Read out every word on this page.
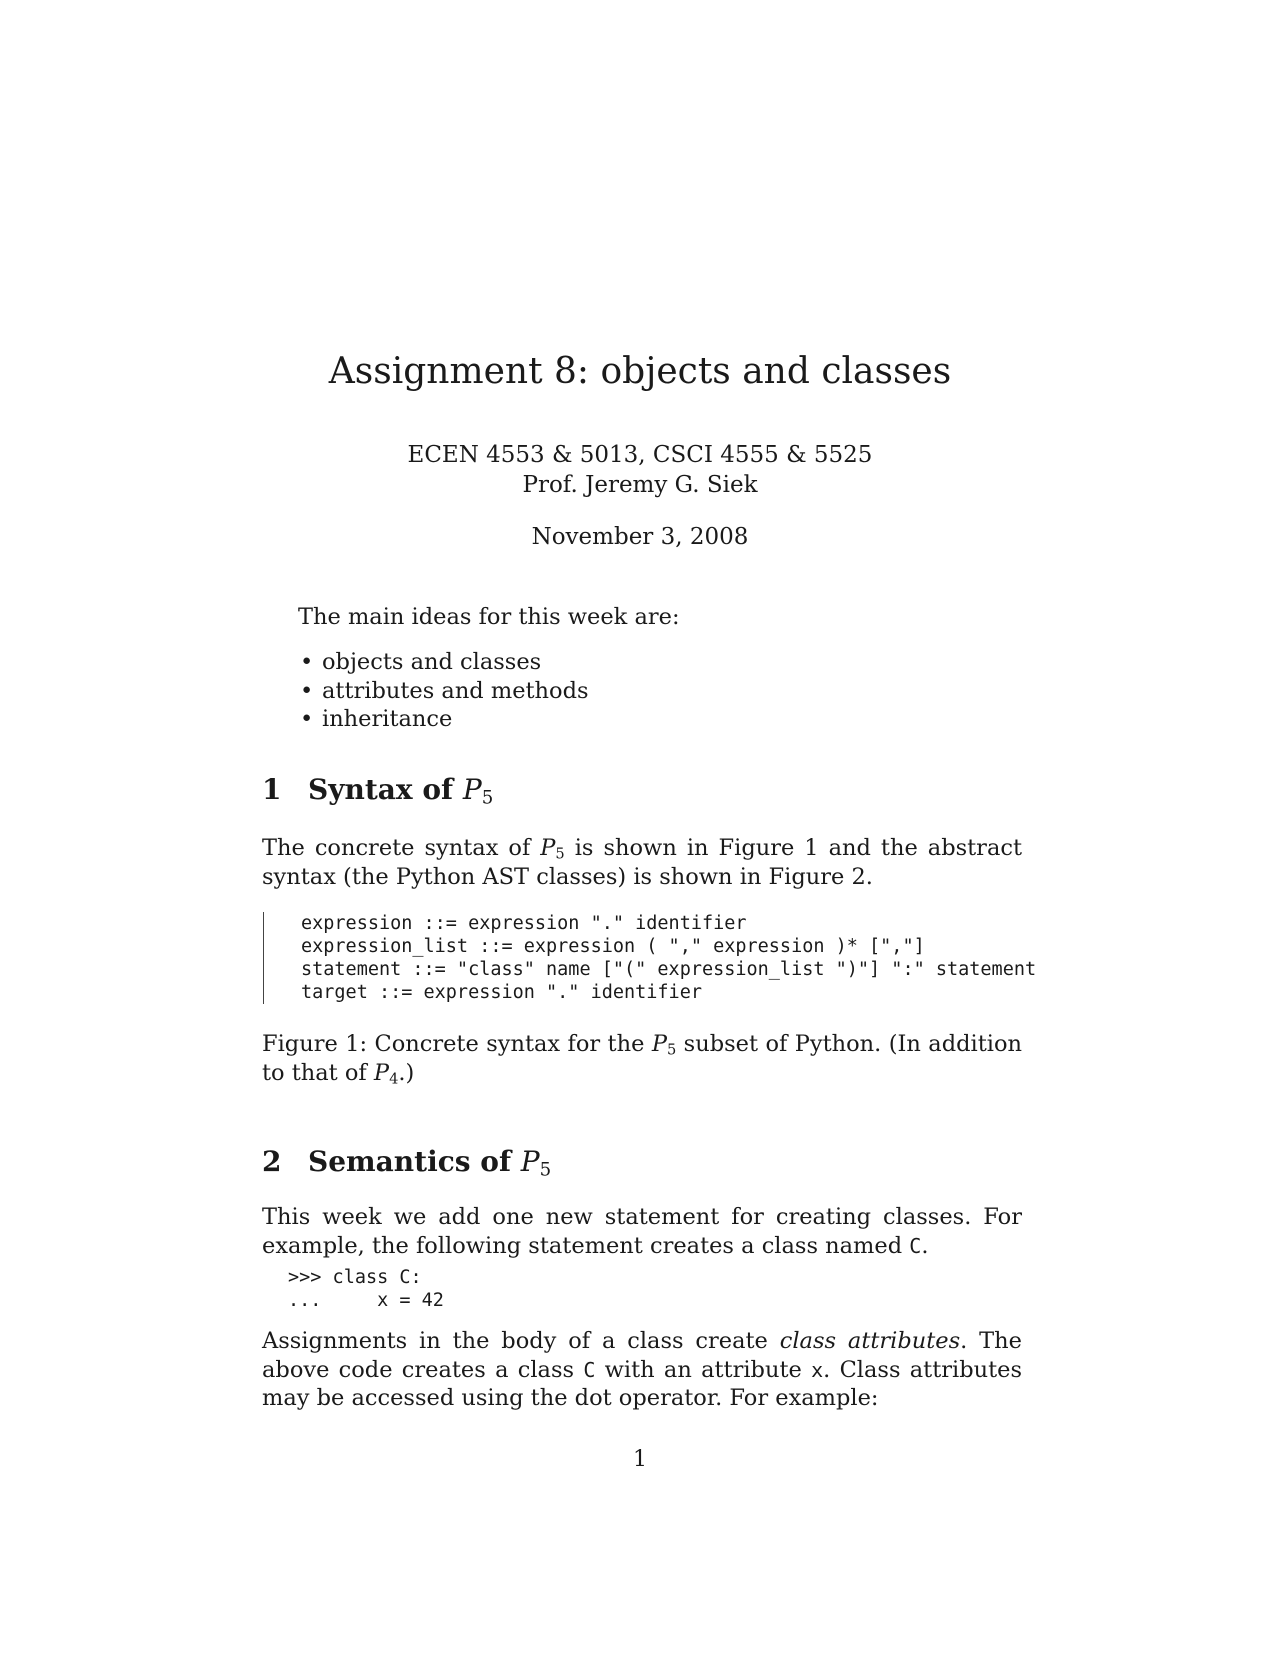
Assignment 8: objects and classes
ECEN 4553 & 5013, CSCI 4555 & 5525
Prof. Jeremy G. Siek
November 3, 2008
The main ideas for this week are:
• objects and classes
• attributes and methods
• inheritance
1 Syntax of $P_5$

The concrete syntax of $P_5$ is shown in Figure 1 and the abstract syntax (the Python AST classes) is shown in Figure 2.

expression ::= expression "." identifier
expression_list ::= expression ( "," expression )* [","]
statement ::= "class" name ["(" expression_list ")"] ":" statement
target ::= expression "." identifier

Figure 1: Concrete syntax for the $P_5$ subset of Python. (In addition to that of $P_4$.)

2 Semantics of $P_5$

This week we add one new statement for creating classes. For example, the following statement creates a class named C.

>>> class C:
...     x = 42

Assignments in the body of a class create class attributes. The above code creates a class C with an attribute x. Class attributes may be accessed using the dot operator. For example:

1
